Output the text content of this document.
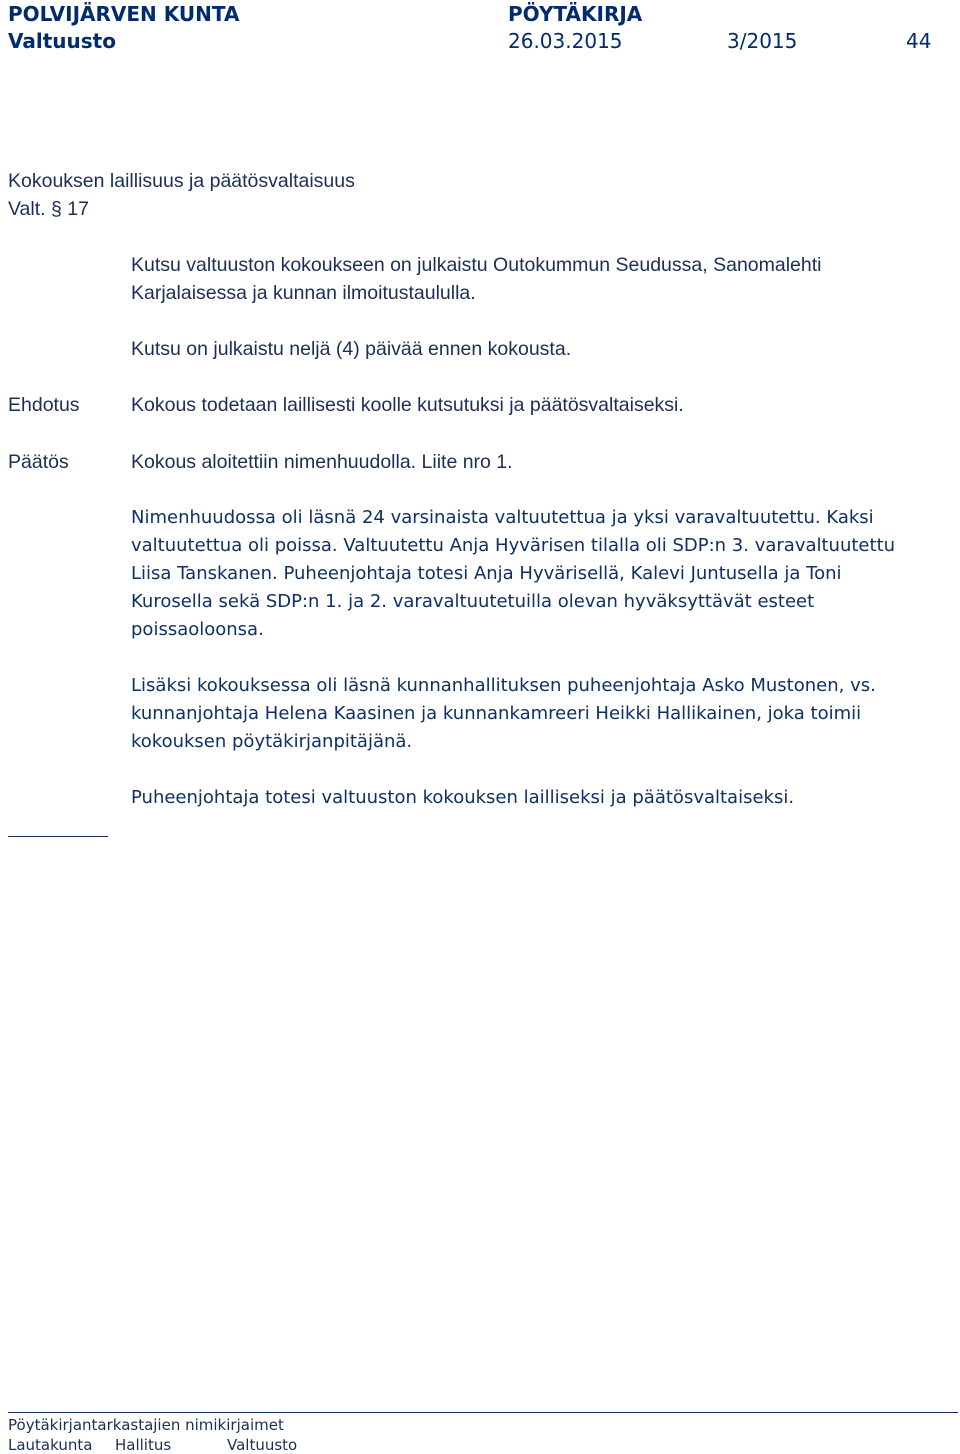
POLVIJÄRVEN KUNTA	PÖYTÄKIRJA
Valtuusto	26.03.2015	3/2015	44
Kokouksen laillisuus ja päätösvaltaisuus
Valt. § 17
Kutsu valtuuston kokoukseen on julkaistu Outokummun Seudussa, Sanomalehti
Karjalaisessa ja kunnan ilmoitustaululla.
Kutsu on julkaistu neljä (4) päivää ennen kokousta.
Ehdotus	Kokous todetaan laillisesti koolle kutsutuksi ja päätösvaltaiseksi.
Päätös	Kokous aloitettiin nimenhuudolla. Liite nro 1.
Nimenhuudossa oli läsnä 24 varsinaista valtuutettua ja yksi varavaltuutettu. Kaksi
valtuutettua oli poissa. Valtuutettu Anja Hyvärisen tilalla oli SDP:n 3. varavaltuutettu
Liisa Tanskanen. Puheenjohtaja totesi Anja Hyvärisellä, Kalevi Juntusella ja Toni
Kurosella sekä SDP:n 1. ja 2. varavaltuutetuilla olevan hyväksyttävät esteet
poissaoloonsa.
Lisäksi kokouksessa oli läsnä kunnanhallituksen puheenjohtaja Asko Mustonen, vs.
kunnanjohtaja Helena Kaasinen ja kunnankamreeri Heikki Hallikainen, joka toimii
kokouksen pöytäkirjanpitäjänä.
Puheenjohtaja totesi valtuuston kokouksen lailliseksi ja päätösvaltaiseksi.
Pöytäkirjantarkastajien nimikirjaimet
Lautakunta Hallitus	Valtuusto
